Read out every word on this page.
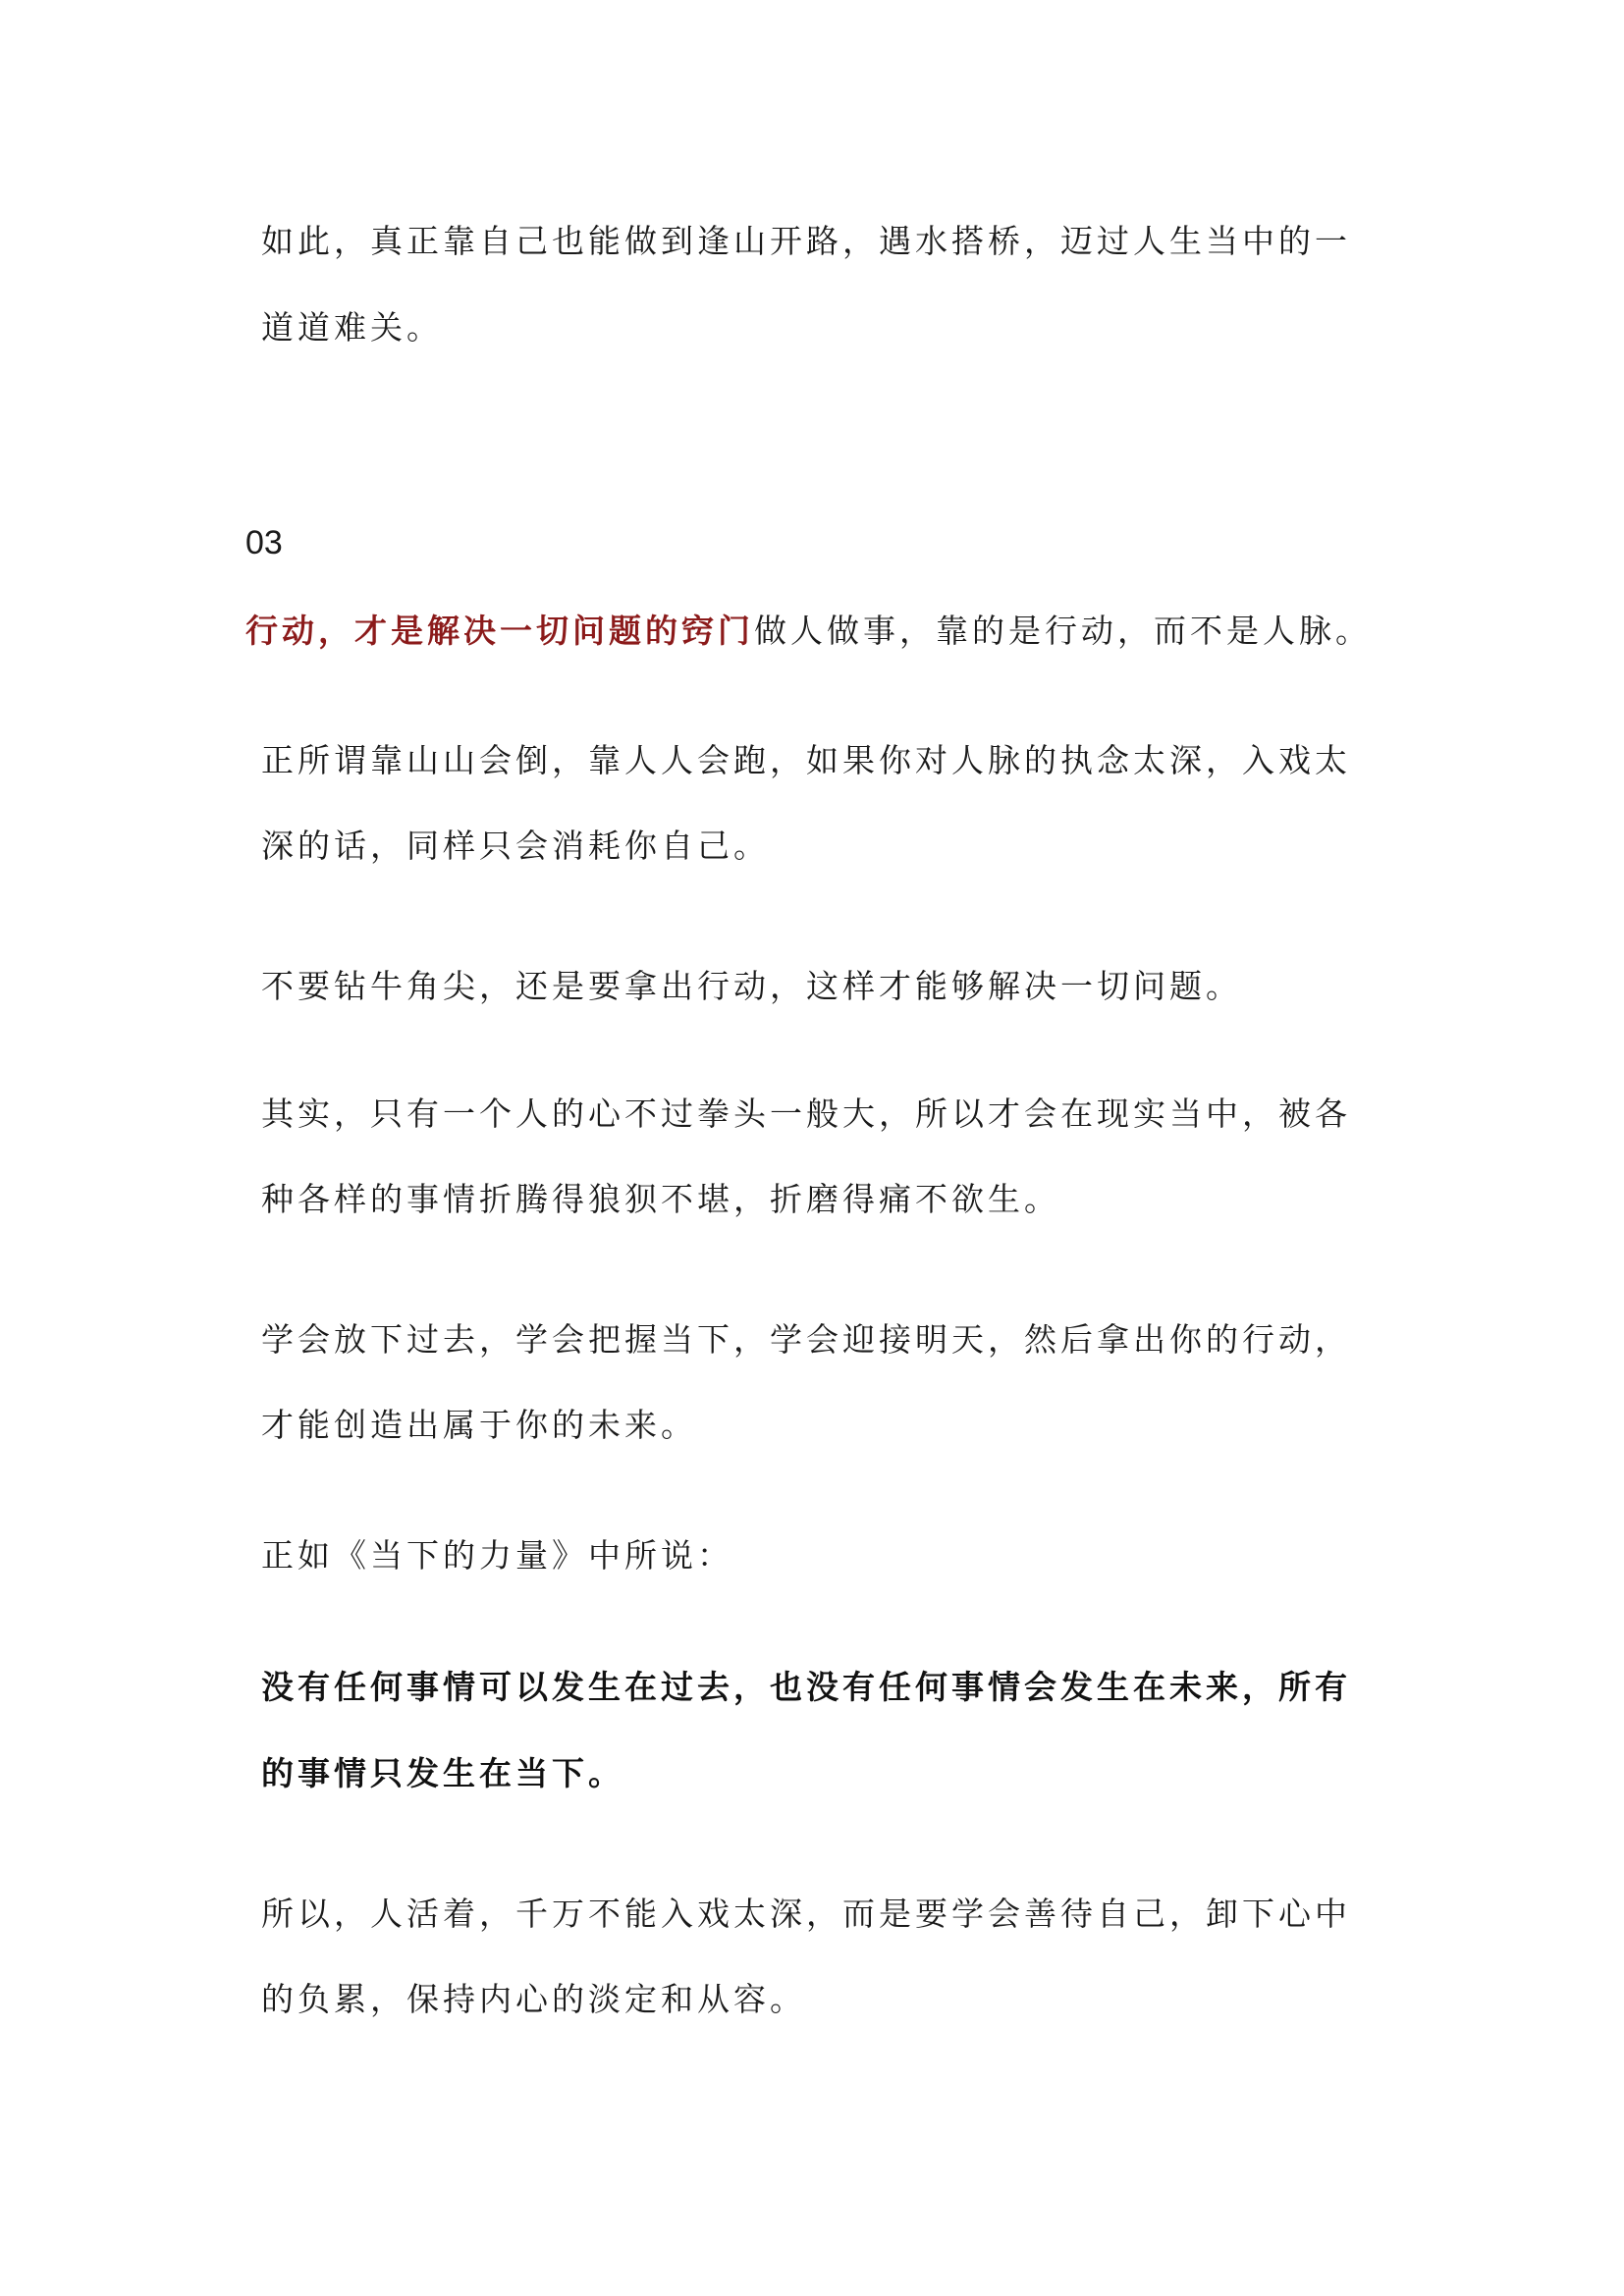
如此，真正靠自己也能做到逢山开路，遇水搭桥，迈过人生当中的一
道道难关。
03
行动，才是解决一切问题的窍门做人做事，靠的是行动，而不是人脉。
正所谓靠山山会倒，靠人人会跑，如果你对人脉的执念太深，入戏太
深的话，同样只会消耗你自己。
不要钻牛角尖，还是要拿出行动，这样才能够解决一切问题。
其实，只有一个人的心不过拳头一般大，所以才会在现实当中，被各
种各样的事情折腾得狼狈不堪，折磨得痛不欲生。
学会放下过去，学会把握当下，学会迎接明天，然后拿出你的行动，
才能创造出属于你的未来。
正如《当下的力量》中所说：
没有任何事情可以发生在过去，也没有任何事情会发生在未来，所有
的事情只发生在当下。
所以，人活着，千万不能入戏太深，而是要学会善待自己，卸下心中
的负累，保持内心的淡定和从容。
